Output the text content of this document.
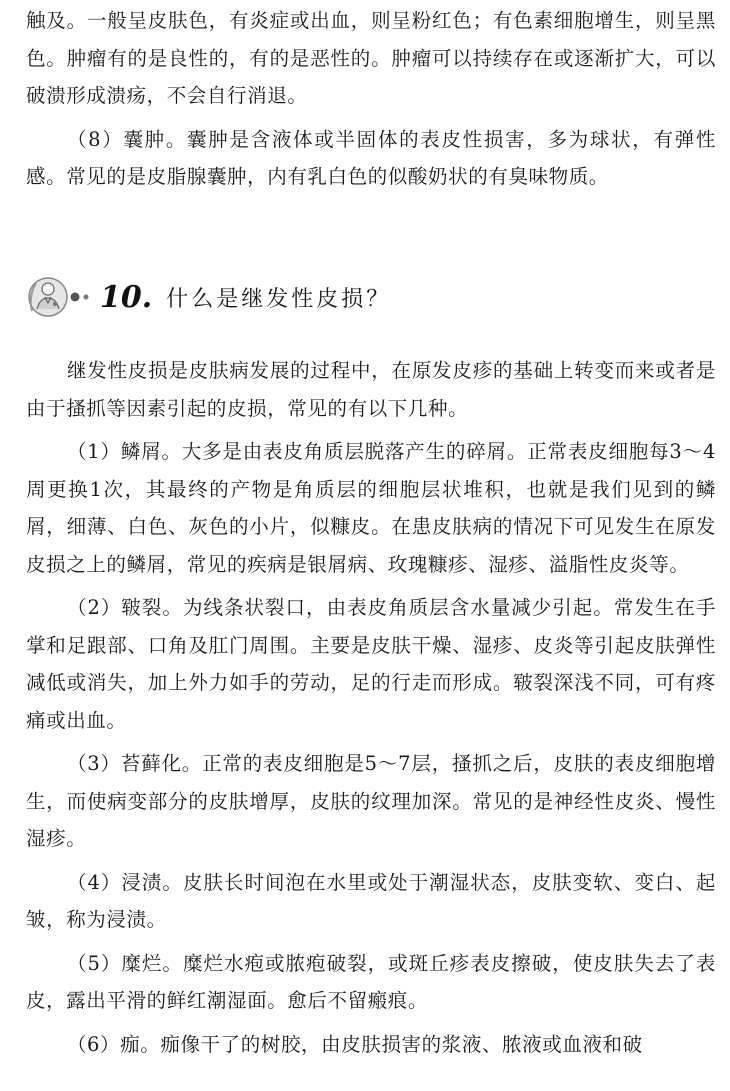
触及。一般呈皮肤色，有炎症或出血，则呈粉红色；有色素细胞增生，则呈黑色。肿瘤有的是良性的，有的是恶性的。肿瘤可以持续存在或逐渐扩大，可以破溃形成溃疡，不会自行消退。

（8）囊肿。囊肿是含液体或半固体的表皮性损害，多为球状，有弹性感。常见的是皮脂腺囊肿，内有乳白色的似酸奶状的有臭味物质。

10. 什么是继发性皮损？

继发性皮损是皮肤病发展的过程中，在原发皮疹的基础上转变而来或者是由于搔抓等因素引起的皮损，常见的有以下几种。

（1）鳞屑。大多是由表皮角质层脱落产生的碎屑。正常表皮细胞每3～4周更换1次，其最终的产物是角质层的细胞层状堆积，也就是我们见到的鳞屑，细薄、白色、灰色的小片，似糠皮。在患皮肤病的情况下可见发生在原发皮损之上的鳞屑，常见的疾病是银屑病、玫瑰糠疹、湿疹、溢脂性皮炎等。

（2）皲裂。为线条状裂口，由表皮角质层含水量减少引起。常发生在手掌和足跟部、口角及肛门周围。主要是皮肤干燥、湿疹、皮炎等引起皮肤弹性减低或消失，加上外力如手的劳动，足的行走而形成。皲裂深浅不同，可有疼痛或出血。

（3）苔藓化。正常的表皮细胞是5～7层，搔抓之后，皮肤的表皮细胞增生，而使病变部分的皮肤增厚，皮肤的纹理加深。常见的是神经性皮炎、慢性湿疹。

（4）浸渍。皮肤长时间泡在水里或处于潮湿状态，皮肤变软、变白、起皱，称为浸渍。

（5）糜烂。糜烂水疱或脓疱破裂，或斑丘疹表皮擦破，使皮肤失去了表皮，露出平滑的鲜红潮湿面。愈后不留瘢痕。

（6）痂。痂像干了的树胶，由皮肤损害的浆液、脓液或血液和破
